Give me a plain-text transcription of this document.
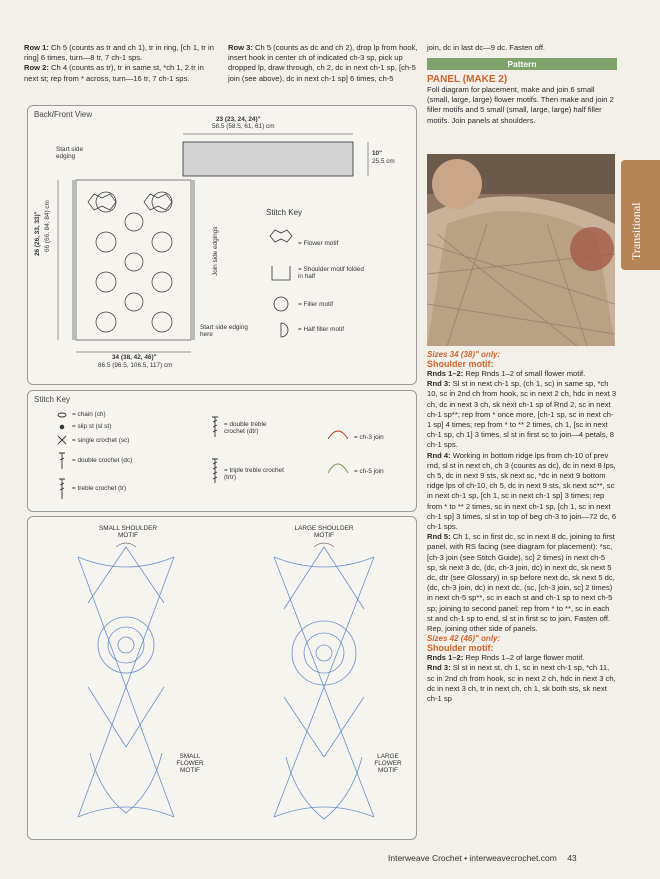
Row 1: Ch 5 (counts as tr and ch 1), tr in ring, [ch 1, tr in ring] 6 times, turn—8 tr, 7 ch-1 sps.

Row 2: Ch 4 (counts as tr), tr in same st, *ch 1, 2 tr in next st; rep from * across, turn—16 tr, 7 ch-1 sps.

Row 3: Ch 5 (counts as dc and ch 2), drop lp from hook, insert hook in center ch of indicated ch-3 sp, pick up dropped lp, draw through, ch 2, dc in next ch-1 sp, [ch-5 join (see above), dc in next ch-1 sp] 6 times, ch-5

join, dc in last dc—9 dc. Fasten off.
Pattern
PANEL (MAKE 2)

Foll diagram for placement, make and join 6 small (small, large, large) flower motifs. Then make and join 2 filler motifs and 5 small (small, large, large) half filler motifs. Join panels at shoulders.

Sizes 34 (38)" only:
Shoulder motif:

Rnds 1–2: Rep Rnds 1–2 of small flower motif.

Rnd 3: Sl st in next ch-1 sp, (ch 1, sc) in same sp, *ch 10, sc in 2nd ch from hook, sc in next 2 ch, hdc in next 3 ch, dc in next 3 ch, sk next ch-1 sp of Rnd 2, sc in next ch-1 sp**; rep from * once more, [ch-1 sp, sc in next ch-1 sp] 4 times; rep from * to ** 2 times, ch 1, [sc in next ch-1 sp, ch 1] 3 times, sl st in first sc to join—4 petals, 8 ch-1 sps.

Rnd 4: Working in bottom ridge lps from ch-10 of prev rnd, sl st in next ch, ch 3 (counts as dc), dc in next 8 lps, ch 5, dc in next 9 sts, sk next sc, *dc in next 9 bottom ridge lps of ch-10, ch 5, dc in next 9 sts, sk next sc**, sc in next ch-1 sp, [ch 1, sc in next ch-1 sp] 3 times; rep from * to ** 2 times, sc in next ch-1 sp, [ch 1, sc in next ch-1 sp] 3 times, sl st in top of beg ch-3 to join—72 dc, 6 ch-1 sps.

Rnd 5: Ch 1, sc in first dc, sc in next 8 dc, joining to first panel, with RS facing (see diagram for placement): *sc, [ch-3 join (see Stitch Guide), sc] 2 times) in next ch-5 sp, sk next 3 dc, (dc, ch-3 join, dc) in next dc, sk next 5 dc, dtr (see Glossary) in sp before next dc, sk next 5 dc, (dc, ch-3 join, dc) in next dc, (sc, [ch-3 join, sc] 2 times) in next ch-5 sp**, sc in each st and ch-1 sp to next ch-5 sp; joining to second panel: rep from * to **, sc in each st and ch-1 sp to end, sl st in first sc to join. Fasten off. Rep, joining other side of panels.

Sizes 42 (46)" only:
Shoulder motif:

Rnds 1–2: Rep Rnds 1–2 of large flower motif.

Rnd 3: Sl st in next st, ch 1, sc in next ch-1 sp, *ch 11, sc in 2nd ch from hook, sc in next 2 ch, hdc in next 3 ch, dc in next 3 ch, tr in next ch, ch 1, sk both sts, sk next ch-1 sp

Transitional
Back/Front View
23 (23, 24, 24)"
58.5 (58.5, 61, 61) cm
10"
25.5 cm
26 (26, 33, 33)" 66 (66, 84, 84) cm
Start side edging
Join side edgings
Start side edging here
34 (38, 42, 46)"
86.5 (96.5, 106.5, 117) cm
Stitch Key
= Flower motif
= Shoulder motif folded in half
= Filler motif
= Half filler motif
Stitch Key
= chain (ch)
= slip st (sl st)
= single crochet (sc)
= double crochet (dc)
= treble crochet (tr)
= double treble crochet (dtr)
= triple treble crochet (trtr)
= ch-3 join
= ch-5 join
SMALL SHOULDER MOTIF
LARGE SHOULDER MOTIF
SMALL FLOWER MOTIF
LARGE FLOWER MOTIF
Interweave Crochet • interweavecrochet.com 43
